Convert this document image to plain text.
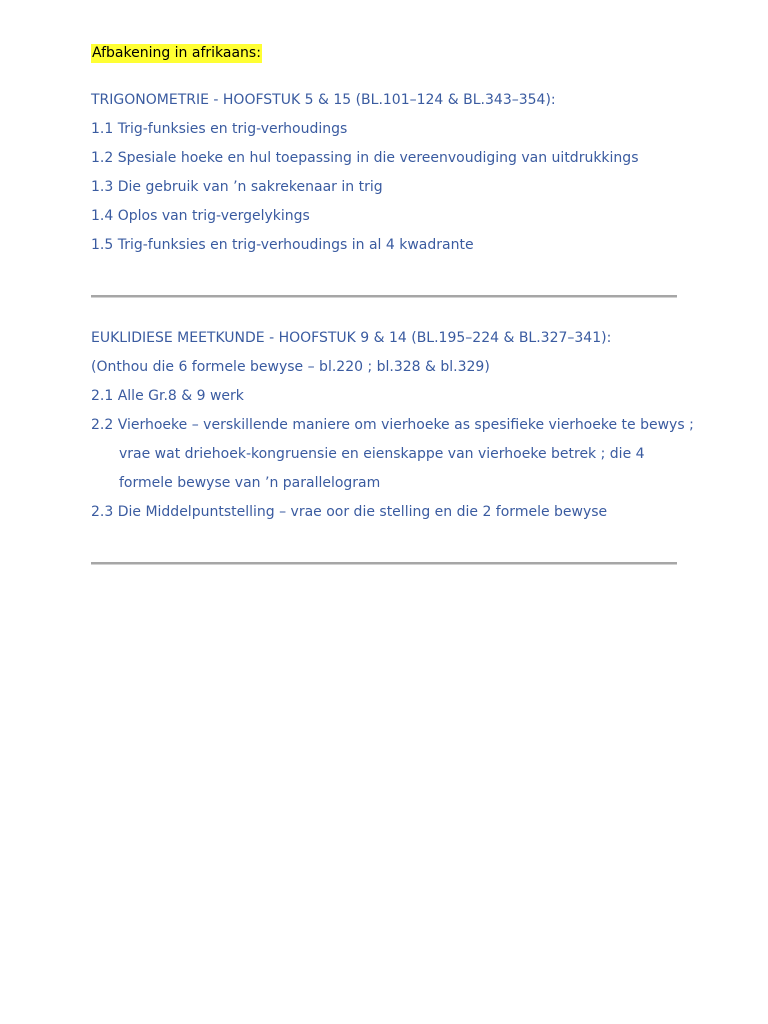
Afbakening in afrikaans:
TRIGONOMETRIE - HOOFSTUK 5 & 15 (BL.101–124 & BL.343–354):
1.1 Trig-funksies en trig-verhoudings
1.2 Spesiale hoeke en hul toepassing in die vereenvoudiging van uitdrukkings
1.3 Die gebruik van ’n sakrekenaar in trig
1.4 Oplos van trig-vergelykings
1.5 Trig-funksies en trig-verhoudings in al 4 kwadrante
EUKLIDIESE MEETKUNDE - HOOFSTUK 9 & 14 (BL.195–224 & BL.327–341):
(Onthou die 6 formele bewyse – bl.220 ; bl.328 & bl.329)
2.1 Alle Gr.8 & 9 werk
2.2 Vierhoeke – verskillende maniere om vierhoeke as spesifieke vierhoeke te bewys ;
vrae wat driehoek-kongruensie en eienskappe van vierhoeke betrek ; die 4
formele bewyse van ’n parallelogram
2.3 Die Middelpuntstelling – vrae oor die stelling en die 2 formele bewyse
